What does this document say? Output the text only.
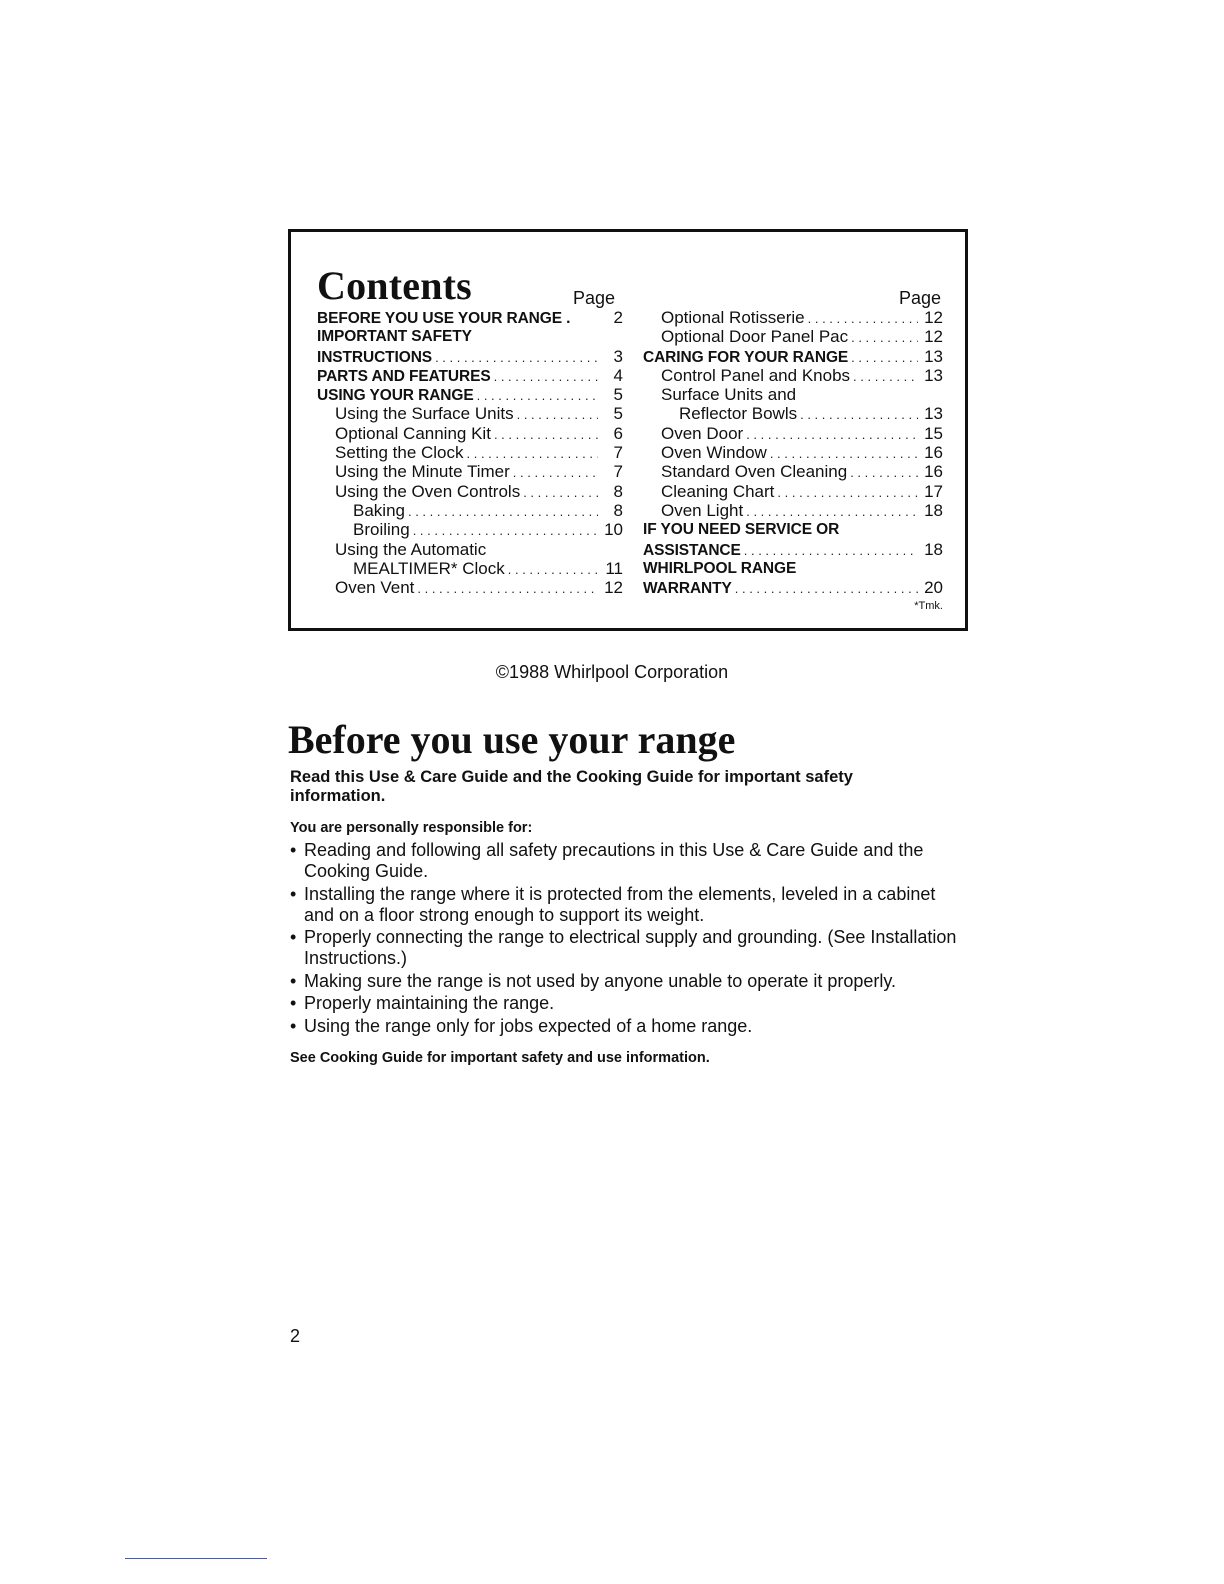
Contents	Page	Page
BEFORE YOU USE YOUR RANGE .	2
IMPORTANT SAFETY
INSTRUCTIONS . . .	3
PARTS AND FEATURES . . .	4
USING YOUR RANGE . . .	5
Using the Surface Units . . .	5
Optional Canning Kit . . .	6
Setting the Clock . . .	7
Using the Minute Timer . . .	7
Using the Oven Controls . . .	8
Baking . . .	8
Broiling . . .	10
Using the Automatic
MEALTIMER* Clock . . .	11
Oven Vent . . .	12
Optional Rotisserie . . .	12
Optional Door Panel Pac . . .	12
CARING FOR YOUR RANGE . . .	13
Control Panel and Knobs . . .	13
Surface Units and
Reflector Bowls . . .	13
Oven Door . . .	15
Oven Window . . .	16
Standard Oven Cleaning . . .	16
Cleaning Chart . . .	17
Oven Light . . .	18
IF YOU NEED SERVICE OR
ASSISTANCE . . .	18
WHIRLPOOL RANGE
WARRANTY . . .	20
*Tmk.
©1988 Whirlpool Corporation
Before you use your range

Read this Use & Care Guide and the Cooking Guide for important safety information.

You are personally responsible for:

• Reading and following all safety precautions in this Use & Care Guide and the Cooking Guide.
• Installing the range where it is protected from the elements, leveled in a cabinet and on a floor strong enough to support its weight.
• Properly connecting the range to electrical supply and grounding. (See Installation Instructions.)
• Making sure the range is not used by anyone unable to operate it properly.
• Properly maintaining the range.
• Using the range only for jobs expected of a home range.

See Cooking Guide for important safety and use information.

2
